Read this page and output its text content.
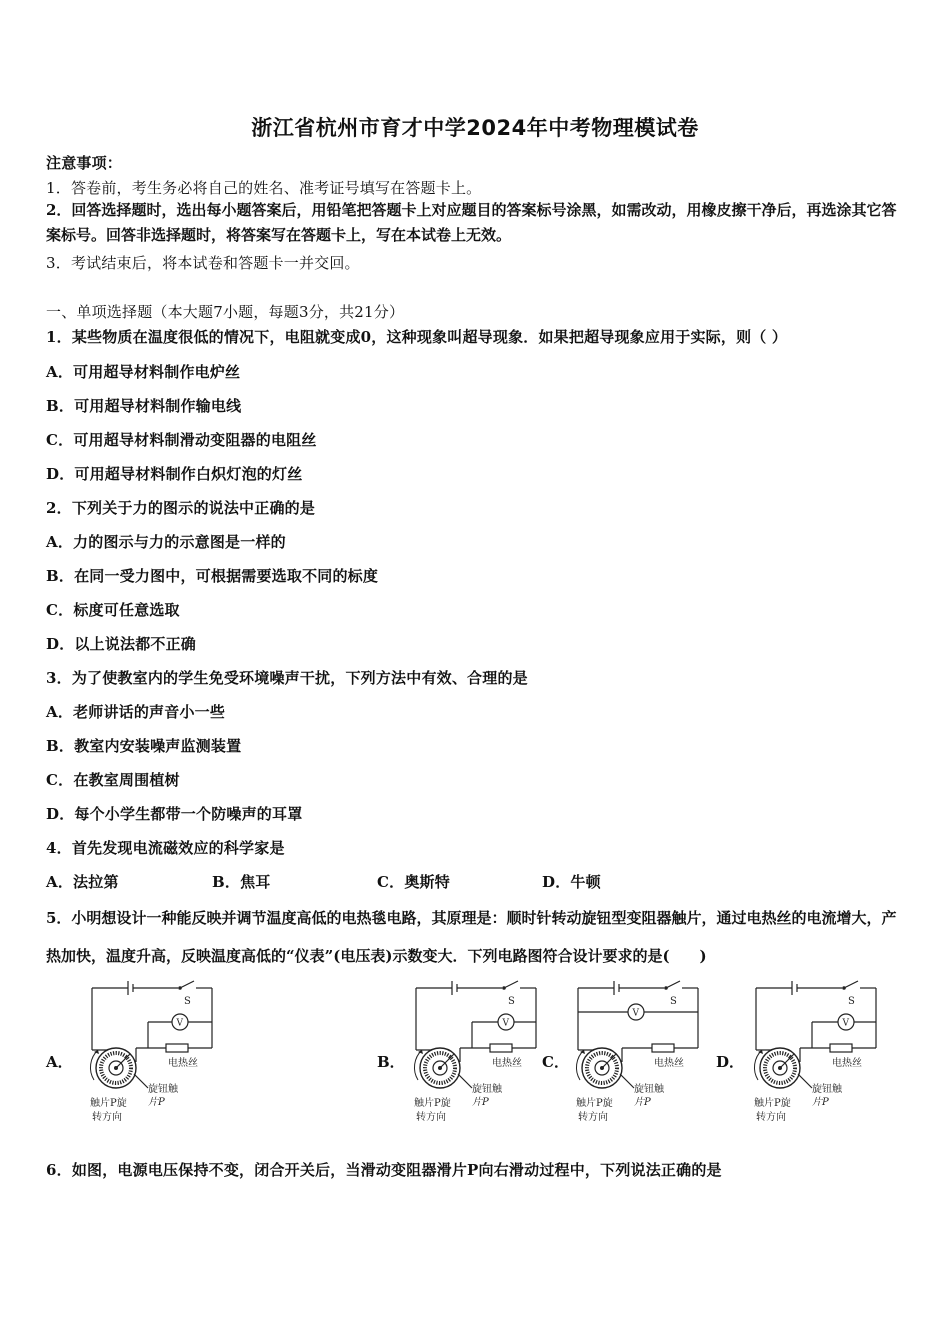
浙江省杭州市育才中学2024年中考物理模试卷
注意事项：
1．答卷前，考生务必将自己的姓名、准考证号填写在答题卡上。
2．回答选择题时，选出每小题答案后，用铅笔把答题卡上对应题目的答案标号涂黑，如需改动，用橡皮擦干净后，再选涂其它答案标号。回答非选择题时，将答案写在答题卡上，写在本试卷上无效。
3．考试结束后，将本试卷和答题卡一并交回。
一、单项选择题（本大题7小题，每题3分，共21分）
1．某些物质在温度很低的情况下，电阻就变成0，这种现象叫超导现象．如果把超导现象应用于实际，则（ ）
A．可用超导材料制作电炉丝
B．可用超导材料制作输电线
C．可用超导材料制滑动变阻器的电阻丝
D．可用超导材料制作白炽灯泡的灯丝
2．下列关于力的图示的说法中正确的是
A．力的图示与力的示意图是一样的
B．在同一受力图中，可根据需要选取不同的标度
C．标度可任意选取
D．以上说法都不正确
3．为了使教室内的学生免受环境噪声干扰，下列方法中有效、合理的是
A．老师讲话的声音小一些
B．教室内安装噪声监测装置
C．在教室周围植树
D．每个小学生都带一个防噪声的耳罩
4．首先发现电流磁效应的科学家是
A．法拉第	B．焦耳	C．奥斯特	D．牛顿
5．小明想设计一种能反映并调节温度高低的电热毯电路，其原理是：顺时针转动旋钮型变阻器触片，通过电热丝的电流增大，产热加快，温度升高，反映温度高低的“仪表”(电压表)示数变大．下列电路图符合设计要求的是(　　)
A．	B．	C．	D．
S
V
电热丝
旋钮触
片P
触片P旋
转方向
S
V
电热丝
旋钮触
片P
触片P旋
转方向
S
V
电热丝
旋钮触
片P
触片P旋
转方向
S
V
电热丝
旋钮触
片P
触片P旋
转方向
6．如图，电源电压保持不变，闭合开关后，当滑动变阻器滑片P向右滑动过程中，下列说法正确的是
